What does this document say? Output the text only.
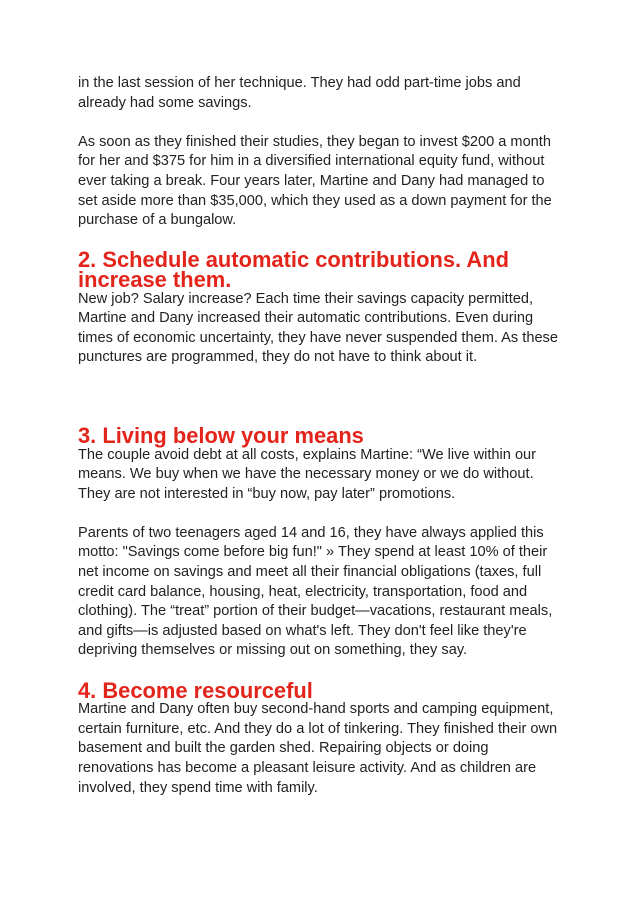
in the last session of her technique. They had odd part-time jobs and
already had some savings.

As soon as they finished their studies, they began to invest $200 a month
for her and $375 for him in a diversified international equity fund, without
ever taking a break. Four years later, Martine and Dany had managed to
set aside more than $35,000, which they used as a down payment for the
purchase of a bungalow.

2. Schedule automatic contributions. And increase them.

New job? Salary increase? Each time their savings capacity permitted,
Martine and Dany increased their automatic contributions. Even during
times of economic uncertainty, they have never suspended them. As these
punctures are programmed, they do not have to think about it.

3. Living below your means

The couple avoid debt at all costs, explains Martine: “We live within our
means. We buy when we have the necessary money or we do without.
They are not interested in “buy now, pay later” promotions.

Parents of two teenagers aged 14 and 16, they have always applied this
motto: "Savings come before big fun!" » They spend at least 10% of their
net income on savings and meet all their financial obligations (taxes, full
credit card balance, housing, heat, electricity, transportation, food and
clothing). The “treat” portion of their budget—vacations, restaurant meals,
and gifts—is adjusted based on what's left. They don't feel like they're
depriving themselves or missing out on something, they say.

4. Become resourceful

Martine and Dany often buy second-hand sports and camping equipment,
certain furniture, etc. And they do a lot of tinkering. They finished their own
basement and built the garden shed. Repairing objects or doing
renovations has become a pleasant leisure activity. And as children are
involved, they spend time with family.
